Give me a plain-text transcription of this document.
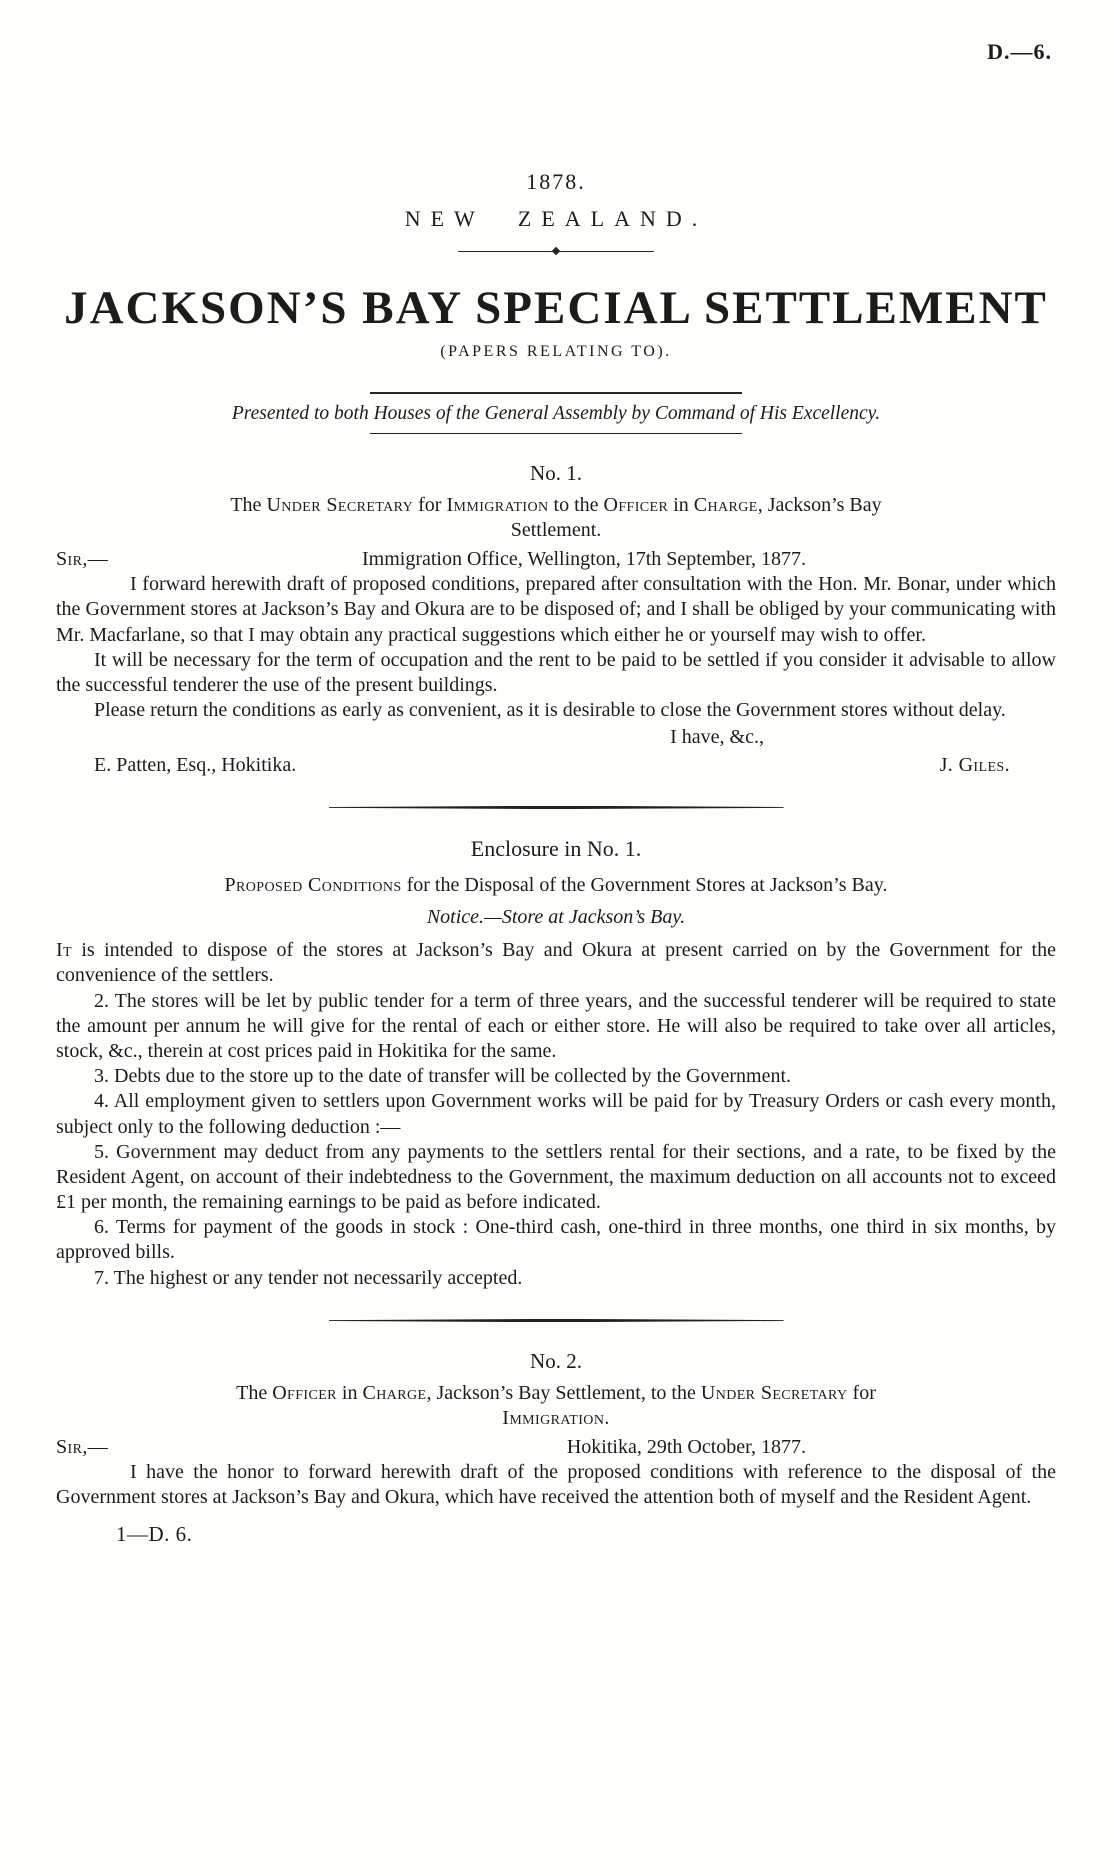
D.—6.
1878.
NEW ZEALAND.
JACKSON’S BAY SPECIAL SETTLEMENT
(PAPERS RELATING TO).
Presented to both Houses of the General Assembly by Command of His Excellency.
No. 1.
The Under Secretary for Immigration to the Officer in Charge, Jackson’s Bay
Settlement.
Sir,—	Immigration Office, Wellington, 17th September, 1877.

I forward herewith draft of proposed conditions, prepared after consultation with the Hon. Mr. Bonar, under which the Government stores at Jackson’s Bay and Okura are to be disposed of; and I shall be obliged by your communicating with Mr. Macfarlane, so that I may obtain any practical suggestions which either he or yourself may wish to offer.

It will be necessary for the term of occupation and the rent to be paid to be settled if you consider it advisable to allow the successful tenderer the use of the present buildings.

Please return the conditions as early as convenient, as it is desirable to close the Government stores without delay.

I have, &c.,
E. Patten, Esq., Hokitika.	J. Giles.
Enclosure in No. 1.
Proposed Conditions for the Disposal of the Government Stores at Jackson’s Bay.
Notice.—Store at Jackson’s Bay.

It is intended to dispose of the stores at Jackson’s Bay and Okura at present carried on by the Government for the convenience of the settlers.

2. The stores will be let by public tender for a term of three years, and the successful tenderer will be required to state the amount per annum he will give for the rental of each or either store. He will also be required to take over all articles, stock, &c., therein at cost prices paid in Hokitika for the same.

3. Debts due to the store up to the date of transfer will be collected by the Government.

4. All employment given to settlers upon Government works will be paid for by Treasury Orders or cash every month, subject only to the following deduction :—

5. Government may deduct from any payments to the settlers rental for their sections, and a rate, to be fixed by the Resident Agent, on account of their indebtedness to the Government, the maximum deduction on all accounts not to exceed £1 per month, the remaining earnings to be paid as before indicated.

6. Terms for payment of the goods in stock : One-third cash, one-third in three months, one third in six months, by approved bills.

7. The highest or any tender not necessarily accepted.

No. 2.
The Officer in Charge, Jackson’s Bay Settlement, to the Under Secretary for
Immigration.
Sir,—	Hokitika, 29th October, 1877.

I have the honor to forward herewith draft of the proposed conditions with reference to the disposal of the Government stores at Jackson’s Bay and Okura, which have received the attention both of myself and the Resident Agent.

1—D. 6.
